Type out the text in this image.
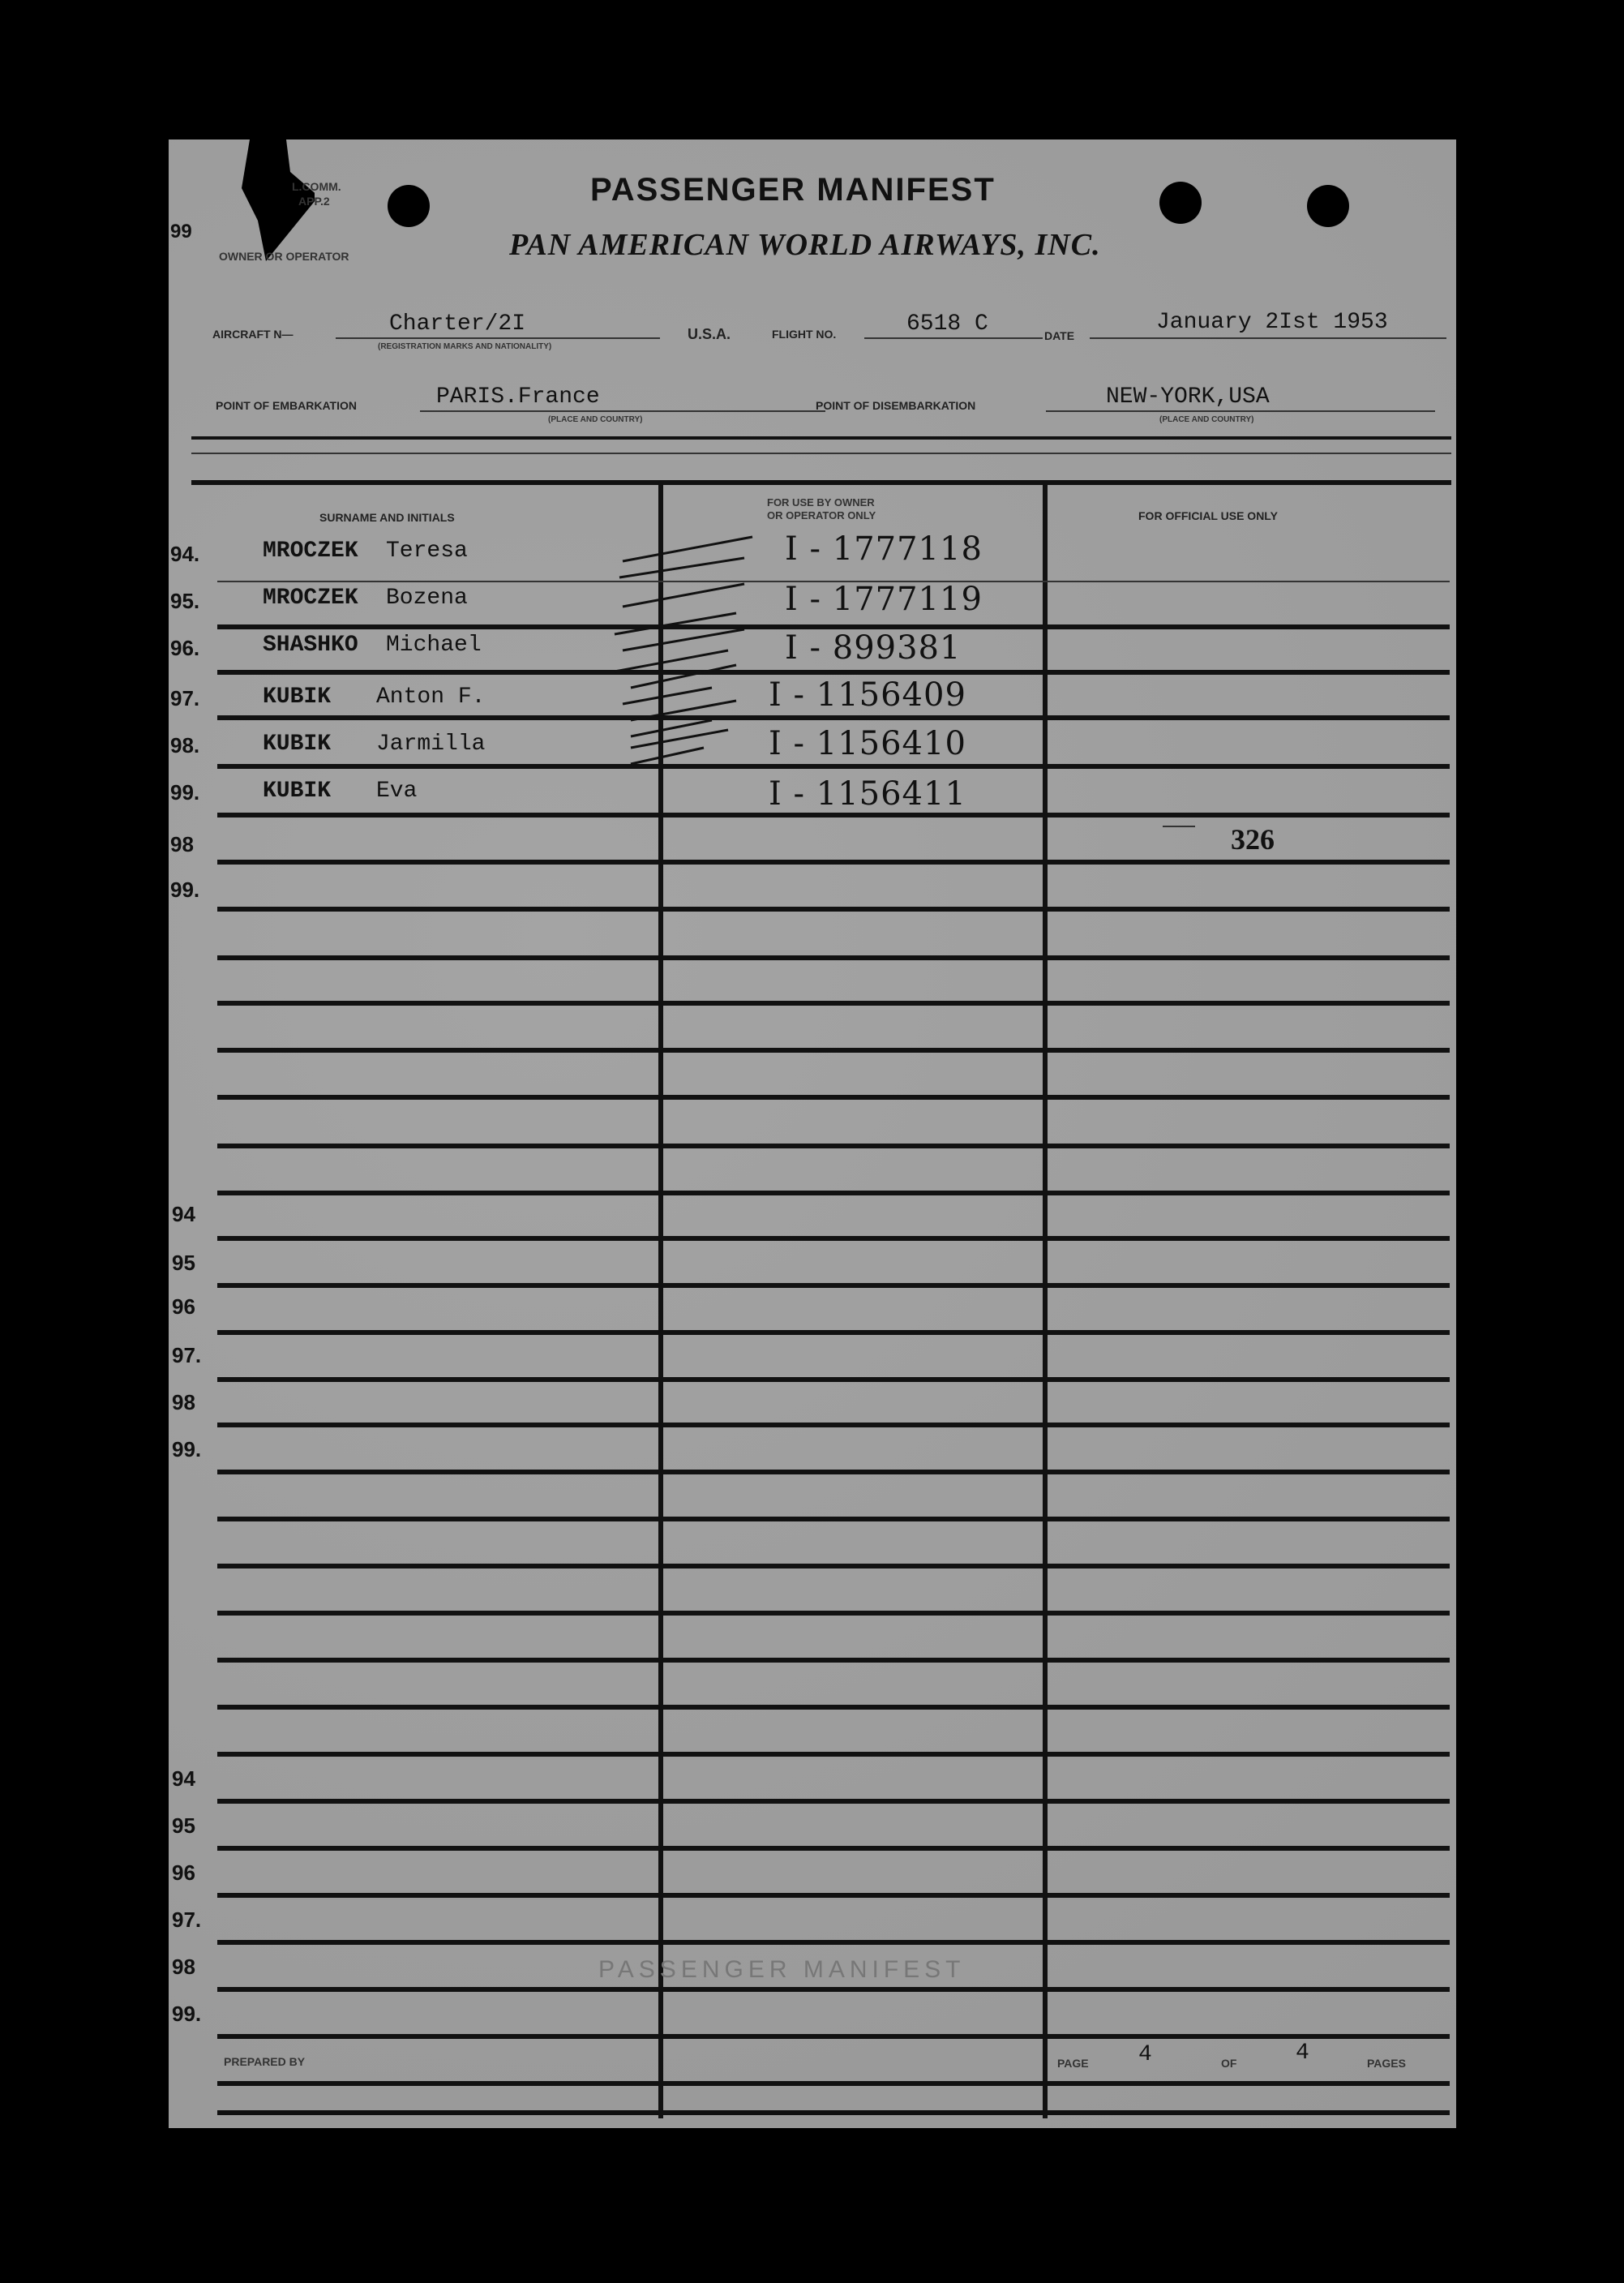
99
L.COMM.
APP.2
OWNER OR OPERATOR
PASSENGER MANIFEST
PAN AMERICAN WORLD AIRWAYS, INC.
AIRCRAFT N—	Charter/2I
(REGISTRATION MARKS AND NATIONALITY)
U.S.A.	FLIGHT NO.	6518 C	DATE
January 2Ist 1953
POINT OF EMBARKATION	PARIS.France
(PLACE AND COUNTRY)
POINT OF DISEMBARKATION	NEW-YORK,USA
(PLACE AND COUNTRY)
SURNAME AND INITIALS
FOR USE BY OWNER
OR OPERATOR ONLY	FOR OFFICIAL USE ONLY
94.	MROCZEK Teresa	I - 1777118
95.	MROCZEK Bozena	I - 1777119
96.	SHASHKO Michael	I - 899381
97.	KUBIK Anton F.	I - 1156409
98.	KUBIK Jarmilla	I - 1156410
99.	KUBIK Eva	I - 1156411
326
98
99.
94
95
96
97.
98
99.
94
95
96
97.
98
99.
PASSENGER MANIFEST
PREPARED BY	PAGE 4	OF	4	PAGES
